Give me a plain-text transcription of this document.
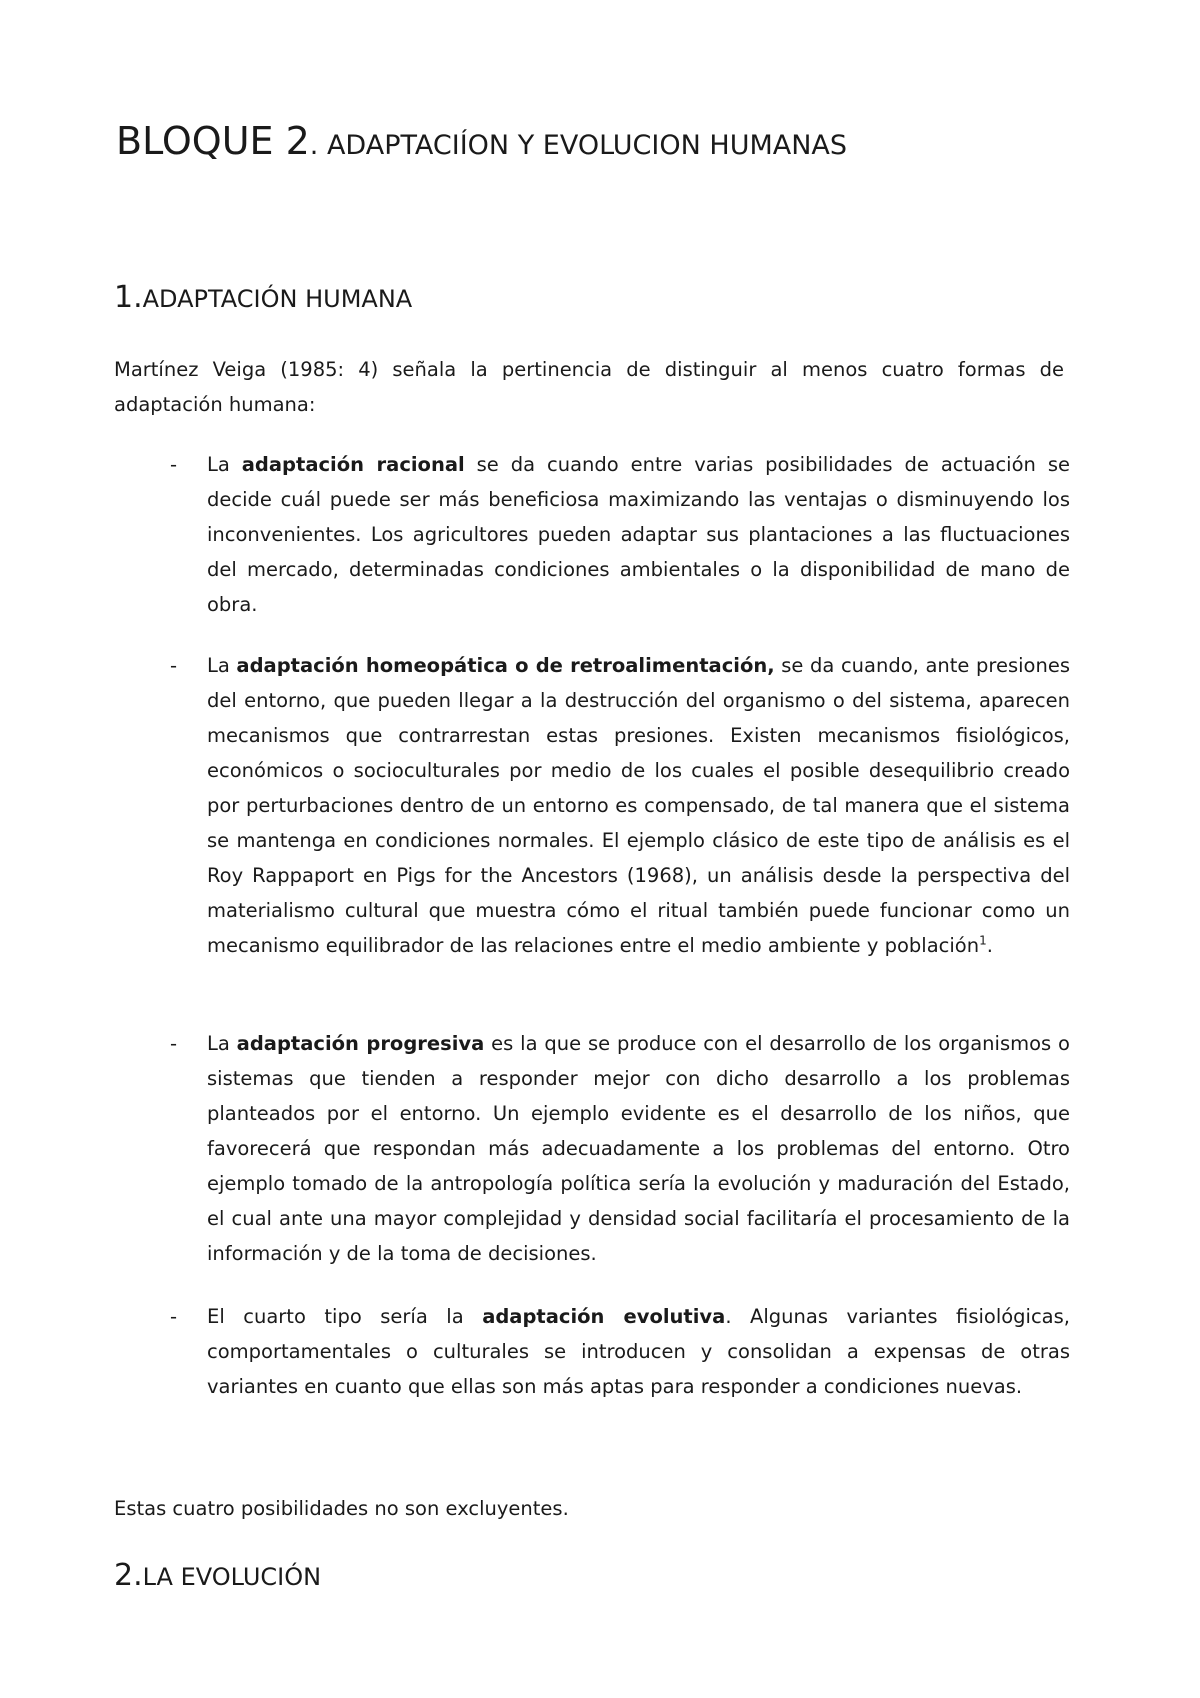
BLOQUE 2. ADAPTACIÍON Y EVOLUCION HUMANAS
1.ADAPTACIÓN HUMANA

Martínez Veiga (1985: 4) señala la pertinencia de distinguir al menos cuatro formas de adaptación humana:

-	La adaptación racional se da cuando entre varias posibilidades de actuación se decide cuál puede ser más beneficiosa maximizando las ventajas o disminuyendo los inconvenientes. Los agricultores pueden adaptar sus plantaciones a las fluctuaciones del mercado, determinadas condiciones ambientales o la disponibilidad de mano de obra.
-	La adaptación homeopática o de retroalimentación, se da cuando, ante presiones del entorno, que pueden llegar a la destrucción del organismo o del sistema, aparecen mecanismos que contrarrestan estas presiones. Existen mecanismos fisiológicos, económicos o socioculturales por medio de los cuales el posible desequilibrio creado por perturbaciones dentro de un entorno es compensado, de tal manera que el sistema se mantenga en condiciones normales. El ejemplo clásico de este tipo de análisis es el Roy Rappaport en Pigs for the Ancestors (1968), un análisis desde la perspectiva del materialismo cultural que muestra cómo el ritual también puede funcionar como un mecanismo equilibrador de las relaciones entre el medio ambiente y población$^1$.
-	La adaptación progresiva es la que se produce con el desarrollo de los organismos o sistemas que tienden a responder mejor con dicho desarrollo a los problemas planteados por el entorno. Un ejemplo evidente es el desarrollo de los niños, que favorecerá que respondan más adecuadamente a los problemas del entorno. Otro ejemplo tomado de la antropología política sería la evolución y maduración del Estado, el cual ante una mayor complejidad y densidad social facilitaría el procesamiento de la información y de la toma de decisiones.
-	El cuarto tipo sería la adaptación evolutiva. Algunas variantes fisiológicas, comportamentales o culturales se introducen y consolidan a expensas de otras variantes en cuanto que ellas son más aptas para responder a condiciones nuevas.

Estas cuatro posibilidades no son excluyentes.

2.LA EVOLUCIÓN
